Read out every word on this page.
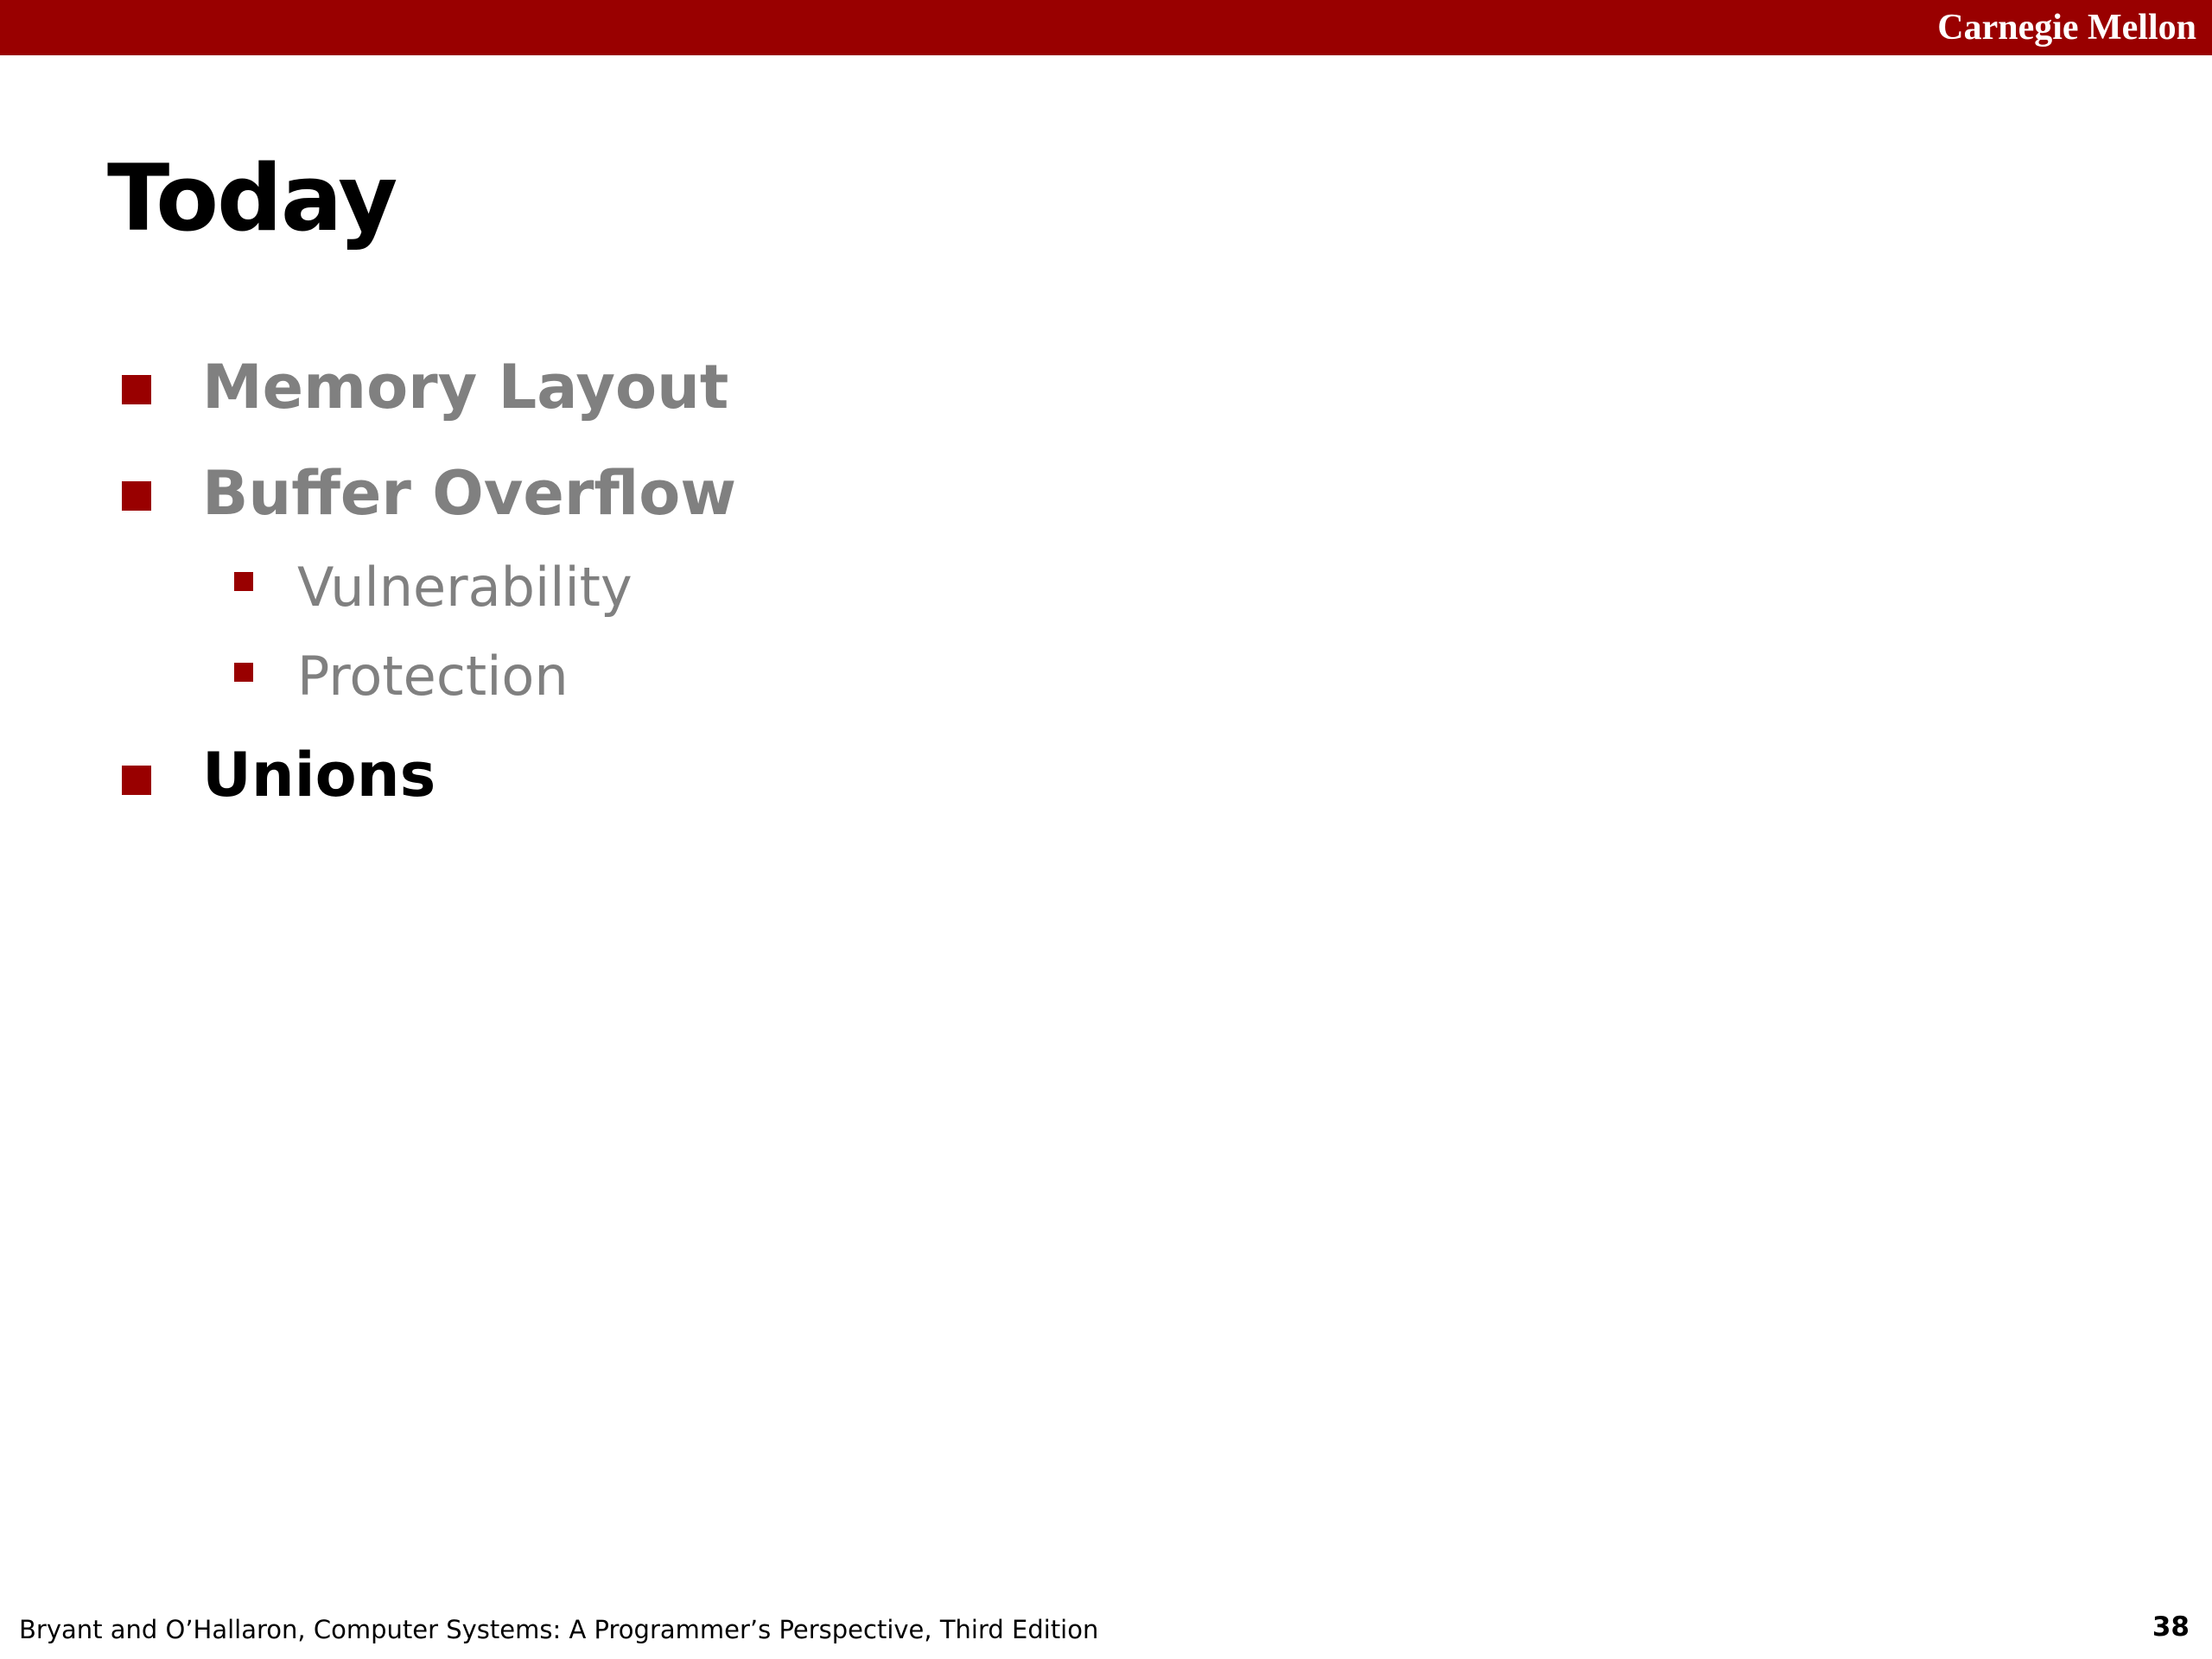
Carnegie Mellon
Today
Memory Layout
Buffer Overflow
Vulnerability
Protection
Unions
Bryant and O’Hallaron, Computer Systems: A Programmer’s Perspective, Third Edition	38
